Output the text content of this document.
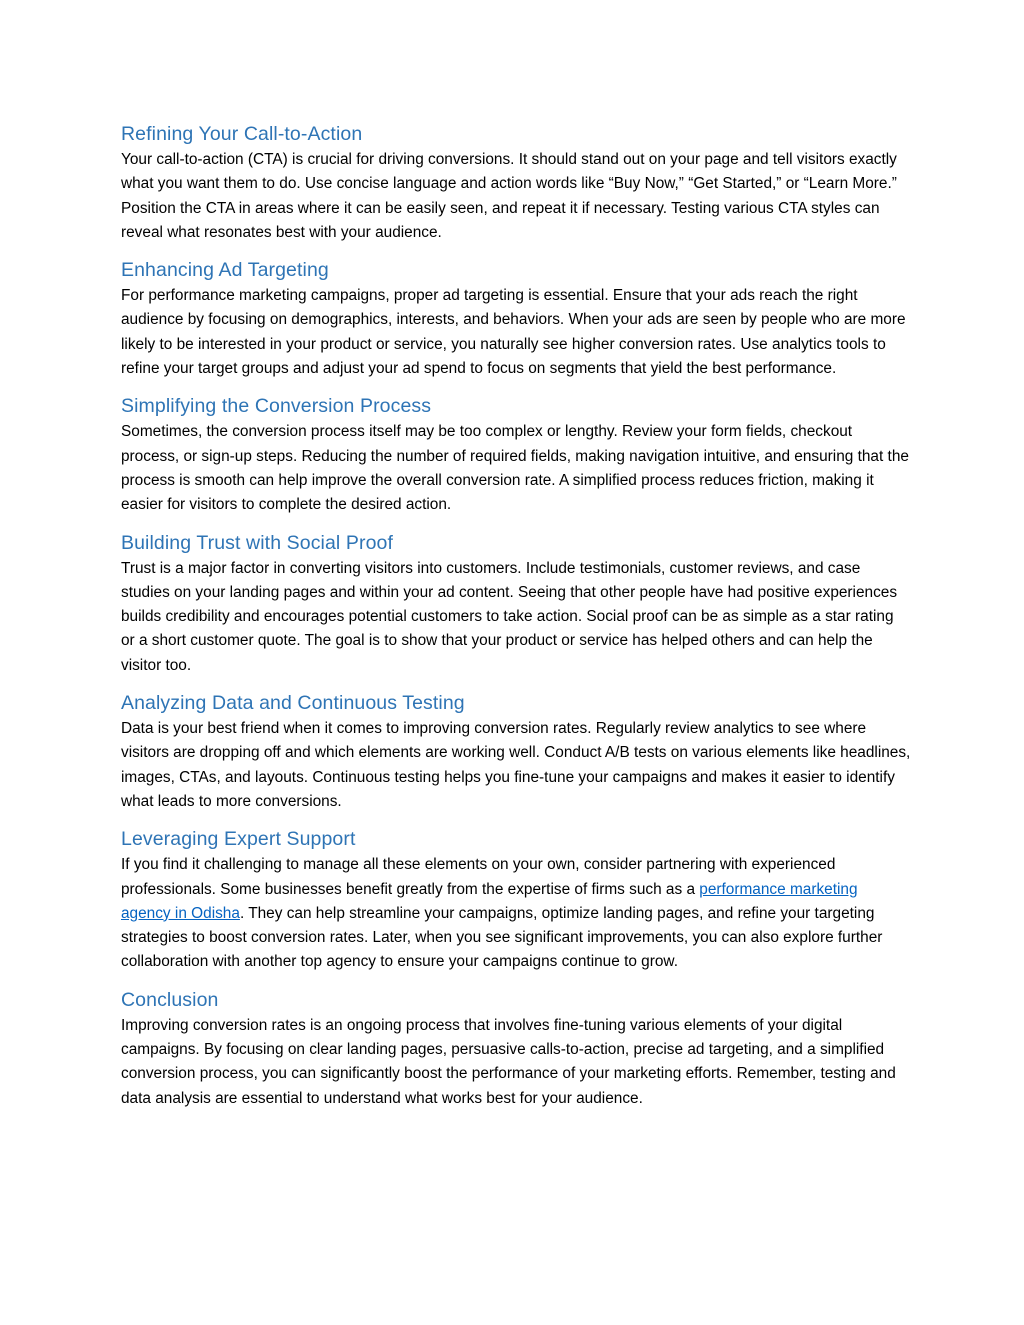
Refining Your Call-to-Action

Your call-to-action (CTA) is crucial for driving conversions. It should stand out on your page and tell visitors exactly what you want them to do. Use concise language and action words like “Buy Now,” “Get Started,” or “Learn More.” Position the CTA in areas where it can be easily seen, and repeat it if necessary. Testing various CTA styles can reveal what resonates best with your audience.

Enhancing Ad Targeting

For performance marketing campaigns, proper ad targeting is essential. Ensure that your ads reach the right audience by focusing on demographics, interests, and behaviors. When your ads are seen by people who are more likely to be interested in your product or service, you naturally see higher conversion rates. Use analytics tools to refine your target groups and adjust your ad spend to focus on segments that yield the best performance.

Simplifying the Conversion Process

Sometimes, the conversion process itself may be too complex or lengthy. Review your form fields, checkout process, or sign-up steps. Reducing the number of required fields, making navigation intuitive, and ensuring that the process is smooth can help improve the overall conversion rate. A simplified process reduces friction, making it easier for visitors to complete the desired action.

Building Trust with Social Proof

Trust is a major factor in converting visitors into customers. Include testimonials, customer reviews, and case studies on your landing pages and within your ad content. Seeing that other people have had positive experiences builds credibility and encourages potential customers to take action. Social proof can be as simple as a star rating or a short customer quote. The goal is to show that your product or service has helped others and can help the visitor too.

Analyzing Data and Continuous Testing

Data is your best friend when it comes to improving conversion rates. Regularly review analytics to see where visitors are dropping off and which elements are working well. Conduct A/B tests on various elements like headlines, images, CTAs, and layouts. Continuous testing helps you fine-tune your campaigns and makes it easier to identify what leads to more conversions.

Leveraging Expert Support

If you find it challenging to manage all these elements on your own, consider partnering with experienced professionals. Some businesses benefit greatly from the expertise of firms such as a performance marketing agency in Odisha. They can help streamline your campaigns, optimize landing pages, and refine your targeting strategies to boost conversion rates. Later, when you see significant improvements, you can also explore further collaboration with another top agency to ensure your campaigns continue to grow.

Conclusion

Improving conversion rates is an ongoing process that involves fine-tuning various elements of your digital campaigns. By focusing on clear landing pages, persuasive calls-to-action, precise ad targeting, and a simplified conversion process, you can significantly boost the performance of your marketing efforts. Remember, testing and data analysis are essential to understand what works best for your audience.
